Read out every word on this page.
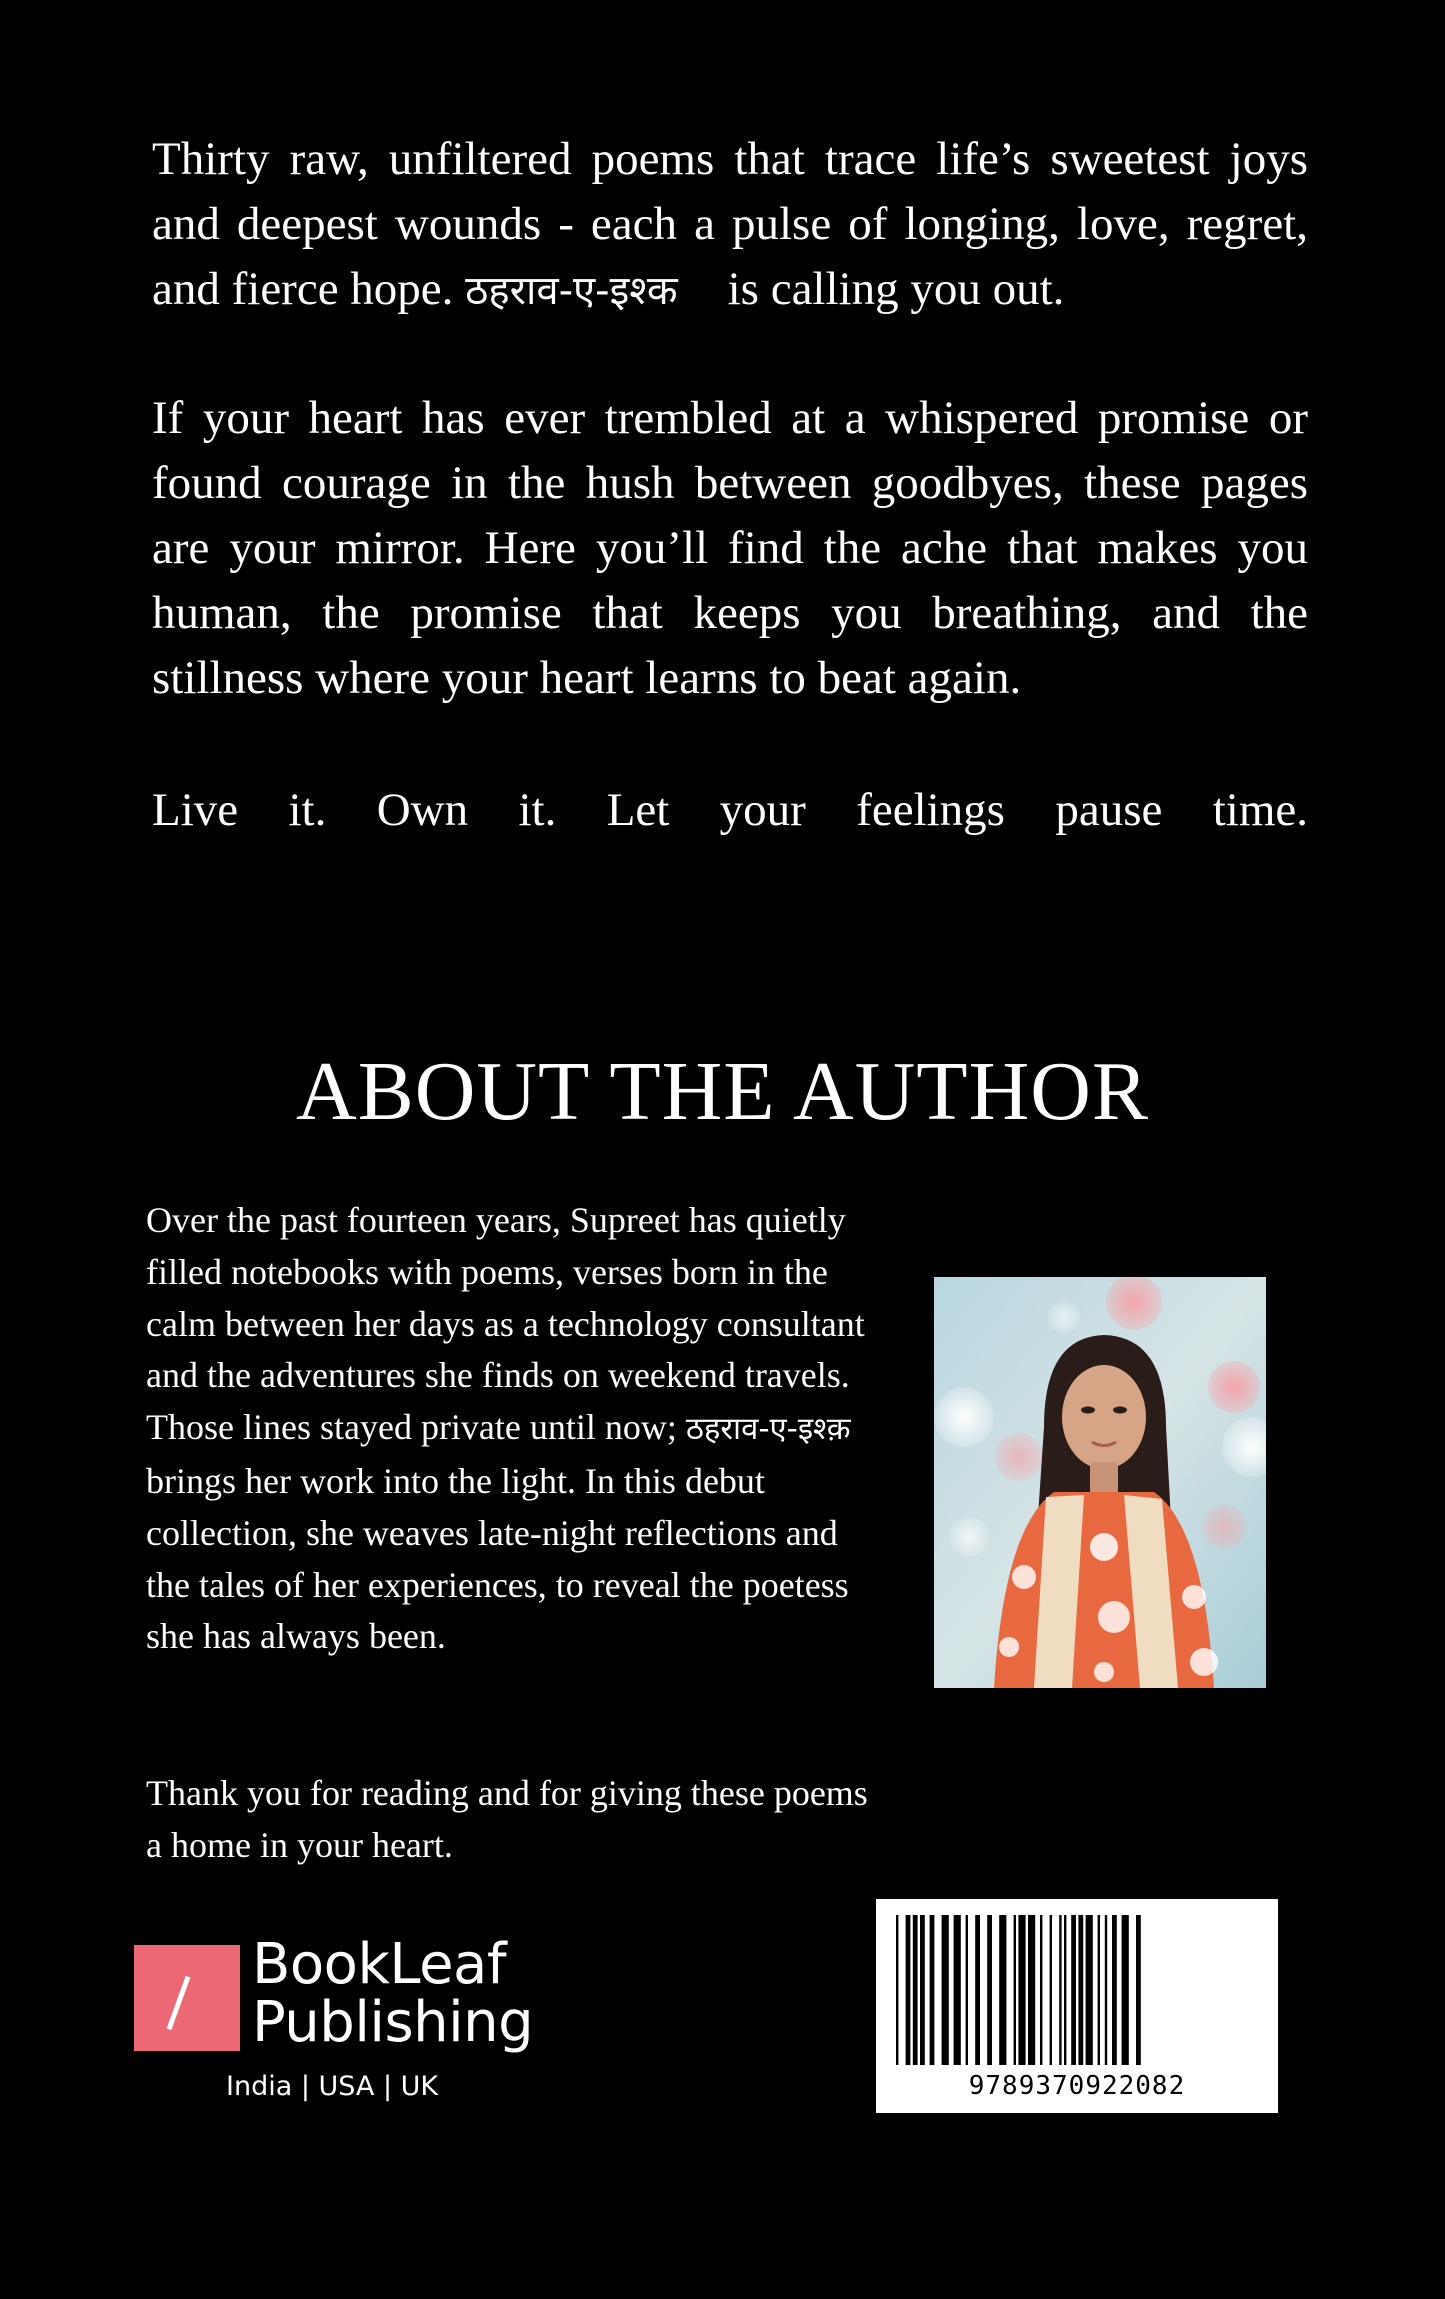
Thirty raw, unfiltered poems that trace life’s sweetest joys and deepest wounds - each a pulse of longing, love, regret, and fierce hope. ठहराव-ए-इश्क is calling you out.

If your heart has ever trembled at a whispered promise or found courage in the hush between goodbyes, these pages are your mirror. Here you’ll find the ache that makes you human, the promise that keeps you breathing, and the stillness where your heart learns to beat again.

Live it. Own it. Let your feelings pause time.

ABOUT THE AUTHOR

Over the past fourteen years, Supreet has quietly filled notebooks with poems, verses born in the calm between her days as a technology consultant and the adventures she finds on weekend travels. Those lines stayed private until now; ठहराव-ए-इश्क़ brings her work into the light. In this debut collection, she weaves late-night reflections and the tales of her experiences, to reveal the poetess she has always been.

Thank you for reading and for giving these poems a home in your heart.

BookLeaf
Publishing
India | USA | UK	9789370922082
